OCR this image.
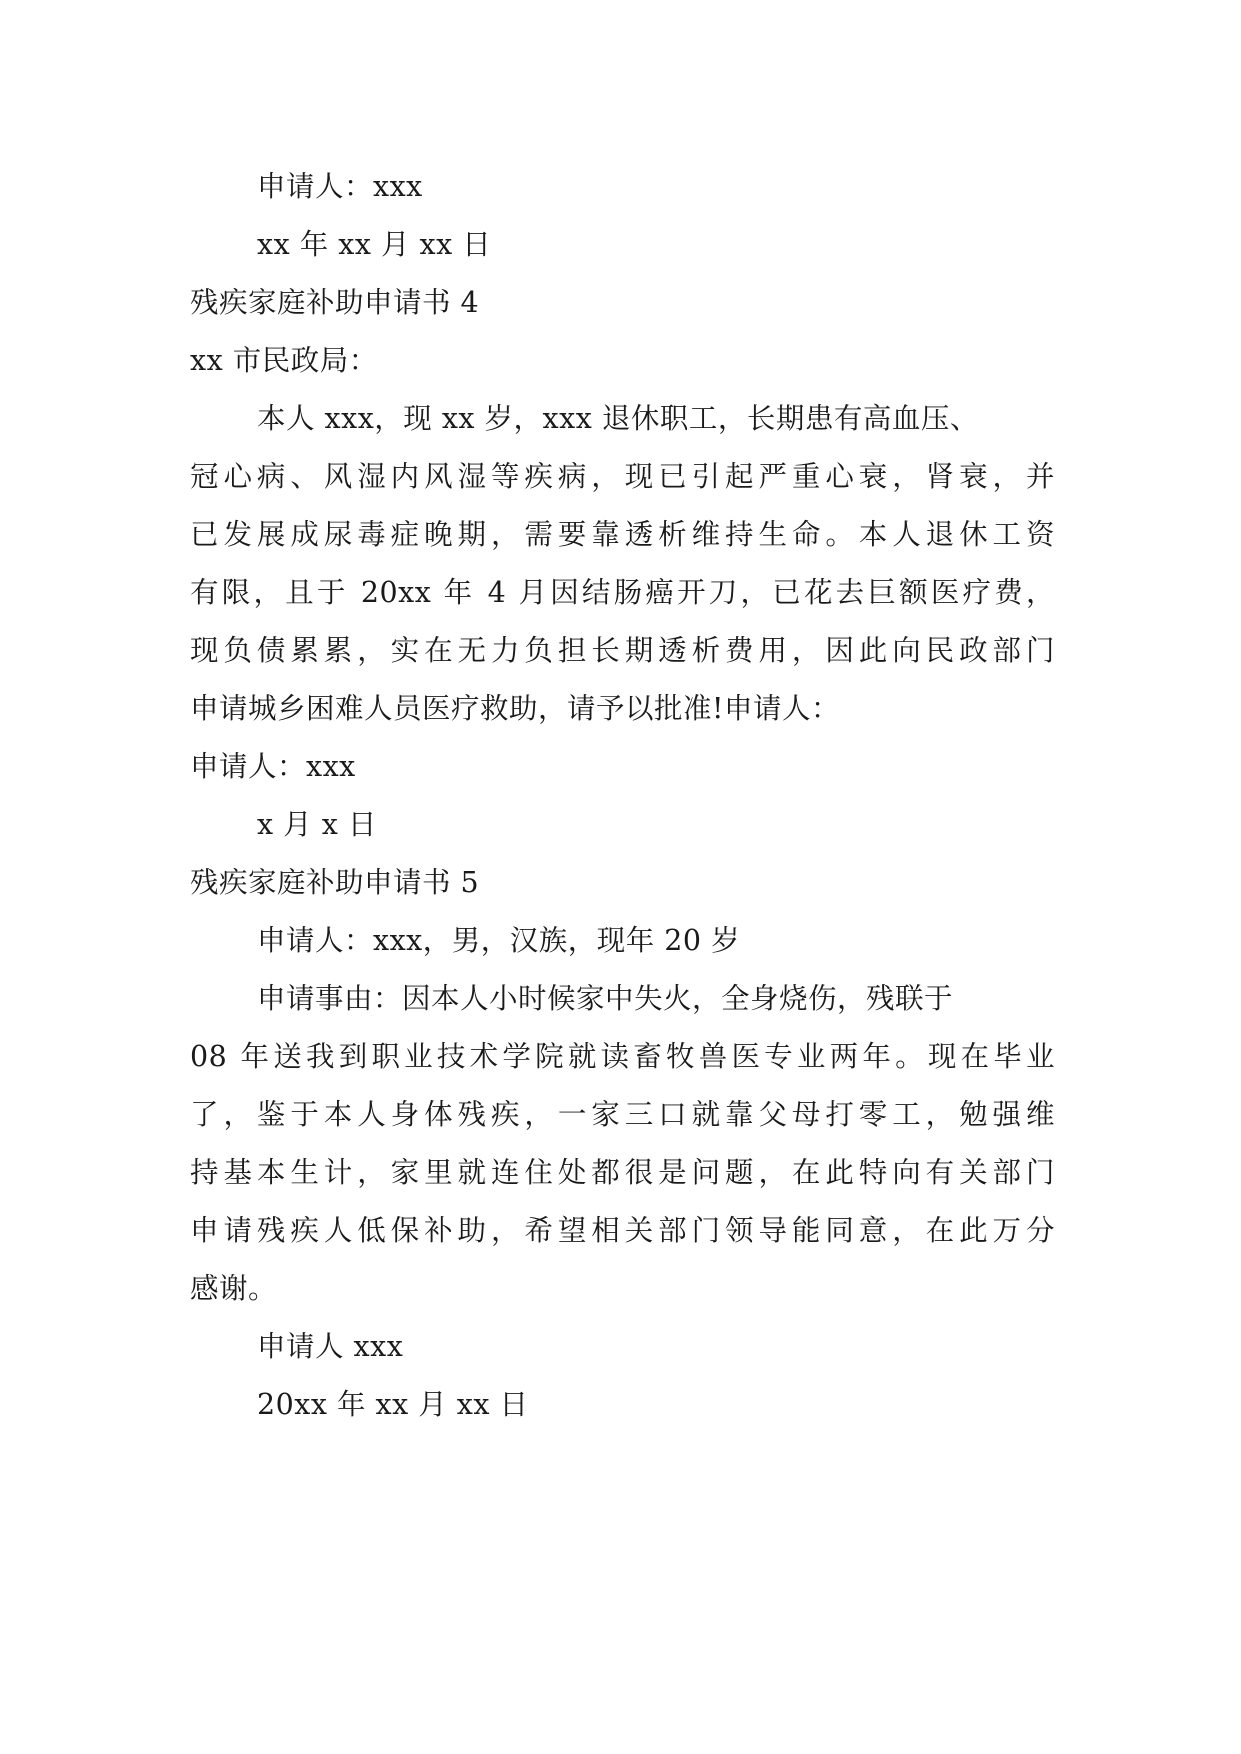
申请人：xxx
xx 年 xx 月 xx 日
残疾家庭补助申请书 4
xx 市民政局：
本人 xxx，现 xx 岁，xxx 退休职工，长期患有高血压、
冠心病、风湿内风湿等疾病，现已引起严重心衰，肾衰，并
已发展成尿毒症晚期，需要靠透析维持生命。本人退休工资
有限，且于 20xx 年 4 月因结肠癌开刀，已花去巨额医疗费，
现负债累累，实在无力负担长期透析费用，因此向民政部门
申请城乡困难人员医疗救助，请予以批准!申请人：
申请人：xxx
x 月 x 日
残疾家庭补助申请书 5
申请人：xxx，男，汉族，现年 20 岁
申请事由：因本人小时候家中失火，全身烧伤，残联于
08 年送我到职业技术学院就读畜牧兽医专业两年。现在毕业
了，鉴于本人身体残疾，一家三口就靠父母打零工，勉强维
持基本生计，家里就连住处都很是问题，在此特向有关部门
申请残疾人低保补助，希望相关部门领导能同意，在此万分
感谢。
申请人 xxx
20xx 年 xx 月 xx 日
